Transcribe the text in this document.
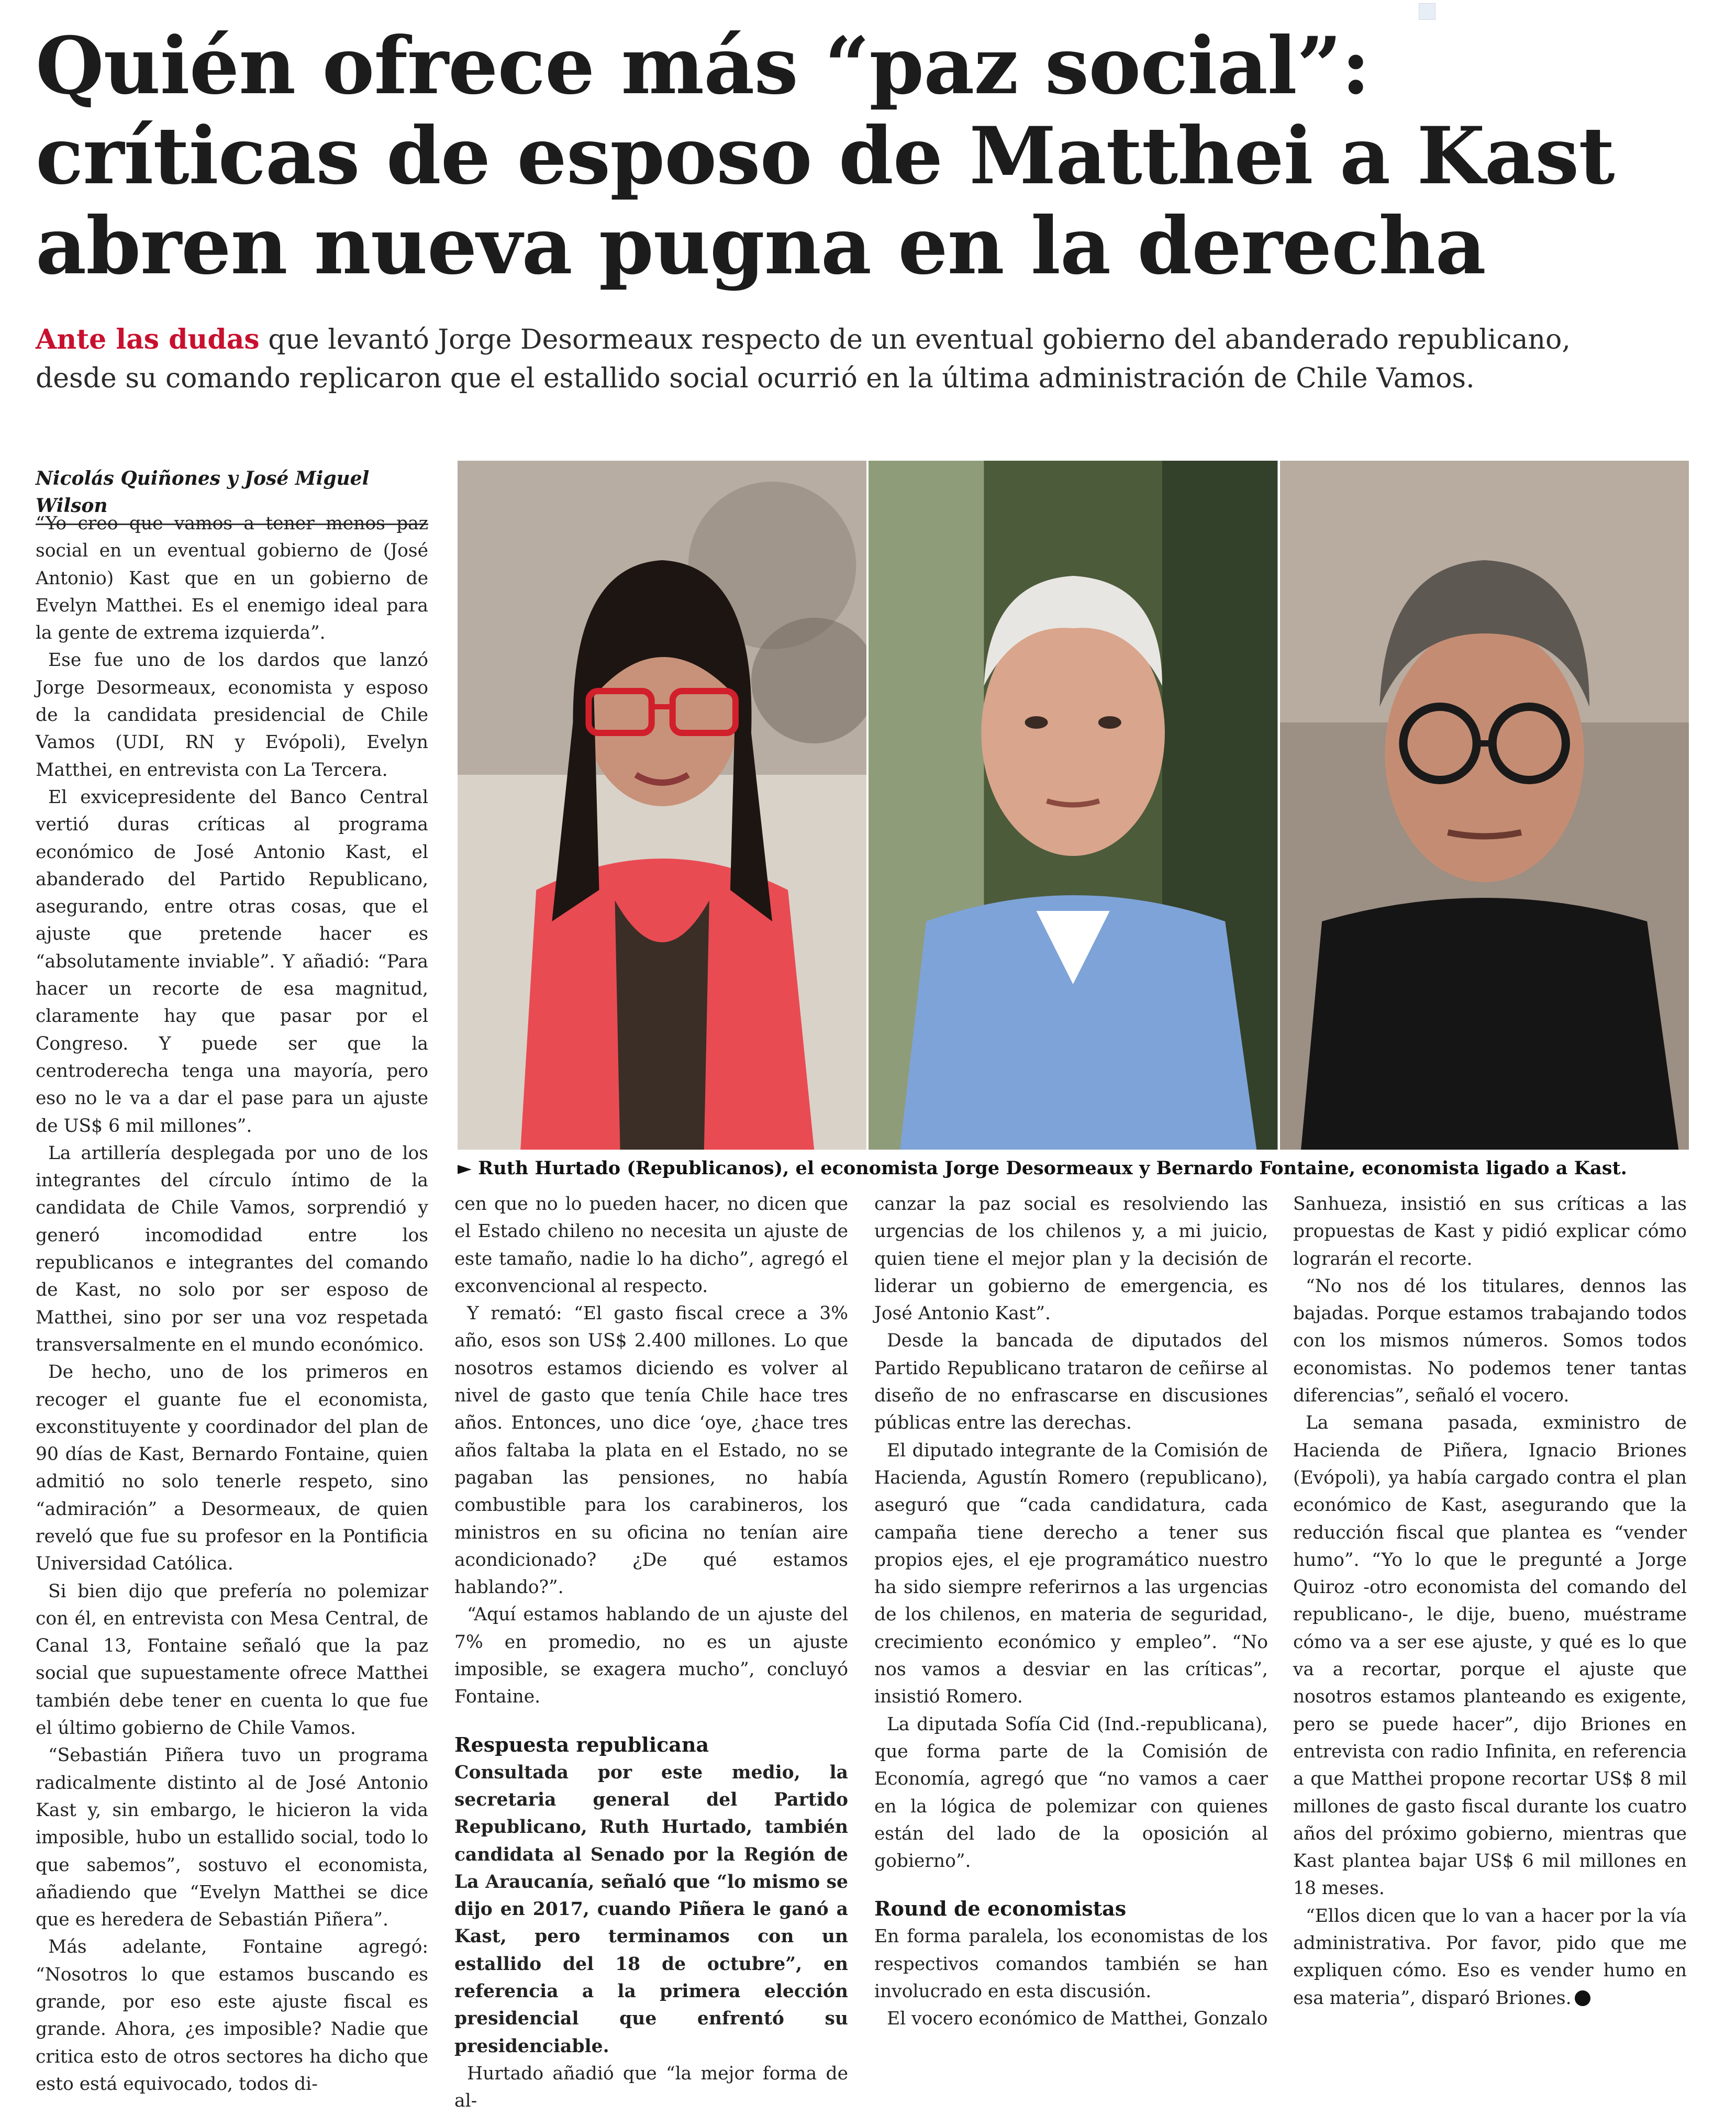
Quién ofrece más “paz social”:
críticas de esposo de Matthei a Kast
abren nueva pugna en la derecha
Ante las dudas que levantó Jorge Desormeaux respecto de un eventual gobierno del abanderado republicano,
desde su comando replicaron que el estallido social ocurrió en la última administración de Chile Vamos.
Nicolás Quiñones y José Miguel Wilson
► Ruth Hurtado (Republicanos), el economista Jorge Desormeaux y Bernardo Fontaine, economista ligado a Kast.

“Yo creo que vamos a tener menos paz social en un eventual gobierno de (José Antonio) Kast que en un gobierno de Evelyn Matthei. Es el enemigo ideal para la gente de extrema izquierda”.

Ese fue uno de los dardos que lanzó Jorge Desormeaux, economista y esposo de la candidata presidencial de Chile Vamos (UDI, RN y Evópoli), Evelyn Matthei, en entrevista con La Tercera.

El exvicepresidente del Banco Central vertió duras críticas al programa económico de José Antonio Kast, el abanderado del Partido Republicano, asegurando, entre otras cosas, que el ajuste que pretende hacer es “absolutamente inviable”. Y añadió: “Para hacer un recorte de esa magnitud, claramente hay que pasar por el Congreso. Y puede ser que la centroderecha tenga una mayoría, pero eso no le va a dar el pase para un ajuste de US$ 6 mil millones”.

La artillería desplegada por uno de los integrantes del círculo íntimo de la candidata de Chile Vamos, sorprendió y generó incomodidad entre los republicanos e integrantes del comando de Kast, no solo por ser esposo de Matthei, sino por ser una voz respetada transversalmente en el mundo económico.

De hecho, uno de los primeros en recoger el guante fue el economista, exconstituyente y coordinador del plan de 90 días de Kast, Bernardo Fontaine, quien admitió no solo tenerle respeto, sino “admiración” a Desormeaux, de quien reveló que fue su profesor en la Pontificia Universidad Católica.

Si bien dijo que prefería no polemizar con él, en entrevista con Mesa Central, de Canal 13, Fontaine señaló que la paz social que supuestamente ofrece Matthei también debe tener en cuenta lo que fue el último gobierno de Chile Vamos.

“Sebastián Piñera tuvo un programa radicalmente distinto al de José Antonio Kast y, sin embargo, le hicieron la vida imposible, hubo un estallido social, todo lo que sabemos”, sostuvo el economista, añadiendo que “Evelyn Matthei se dice que es heredera de Sebastián Piñera”.

Más adelante, Fontaine agregó: “Nosotros lo que estamos buscando es grande, por eso este ajuste fiscal es grande. Ahora, ¿es imposible? Nadie que critica esto de otros sectores ha dicho que esto está equivocado, todos di-

cen que no lo pueden hacer, no dicen que el Estado chileno no necesita un ajuste de este tamaño, nadie lo ha dicho”, agregó el exconvencional al respecto.

Y remató: “El gasto fiscal crece a 3% año, esos son US$ 2.400 millones. Lo que nosotros estamos diciendo es volver al nivel de gasto que tenía Chile hace tres años. Entonces, uno dice ‘oye, ¿hace tres años faltaba la plata en el Estado, no se pagaban las pensiones, no había combustible para los carabineros, los ministros en su oficina no tenían aire acondicionado? ¿De qué estamos hablando?”.

“Aquí estamos hablando de un ajuste del 7% en promedio, no es un ajuste imposible, se exagera mucho”, concluyó Fontaine.

Respuesta republicana

Consultada por este medio, la secretaria general del Partido Republicano, Ruth Hurtado, también candidata al Senado por la Región de La Araucanía, señaló que “lo mismo se dijo en 2017, cuando Piñera le ganó a Kast, pero terminamos con un estallido del 18 de octubre”, en referencia a la primera elección presidencial que enfrentó su presidenciable.

Hurtado añadió que “la mejor forma de al-

canzar la paz social es resolviendo las urgencias de los chilenos y, a mi juicio, quien tiene el mejor plan y la decisión de liderar un gobierno de emergencia, es José Antonio Kast”.

Desde la bancada de diputados del Partido Republicano trataron de ceñirse al diseño de no enfrascarse en discusiones públicas entre las derechas.

El diputado integrante de la Comisión de Hacienda, Agustín Romero (republicano), aseguró que “cada candidatura, cada campaña tiene derecho a tener sus propios ejes, el eje programático nuestro ha sido siempre referirnos a las urgencias de los chilenos, en materia de seguridad, crecimiento económico y empleo”. “No nos vamos a desviar en las críticas”, insistió Romero.

La diputada Sofía Cid (Ind.-republicana), que forma parte de la Comisión de Economía, agregó que “no vamos a caer en la lógica de polemizar con quienes están del lado de la oposición al gobierno”.

Round de economistas

En forma paralela, los economistas de los respectivos comandos también se han involucrado en esta discusión.

El vocero económico de Matthei, Gonzalo

Sanhueza, insistió en sus críticas a las propuestas de Kast y pidió explicar cómo lograrán el recorte.

“No nos dé los titulares, dennos las bajadas. Porque estamos trabajando todos con los mismos números. Somos todos economistas. No podemos tener tantas diferencias”, señaló el vocero.

La semana pasada, exministro de Hacienda de Piñera, Ignacio Briones (Evópoli), ya había cargado contra el plan económico de Kast, asegurando que la reducción fiscal que plantea es “vender humo”. “Yo lo que le pregunté a Jorge Quiroz -otro economista del comando del republicano-, le dije, bueno, muéstrame cómo va a ser ese ajuste, y qué es lo que va a recortar, porque el ajuste que nosotros estamos planteando es exigente, pero se puede hacer”, dijo Briones en entrevista con radio Infinita, en referencia a que Matthei propone recortar US$ 8 mil millones de gasto fiscal durante los cuatro años del próximo gobierno, mientras que Kast plantea bajar US$ 6 mil millones en 18 meses.

“Ellos dicen que lo van a hacer por la vía administrativa. Por favor, pido que me expliquen cómo. Eso es vender humo en esa materia”, disparó Briones.
